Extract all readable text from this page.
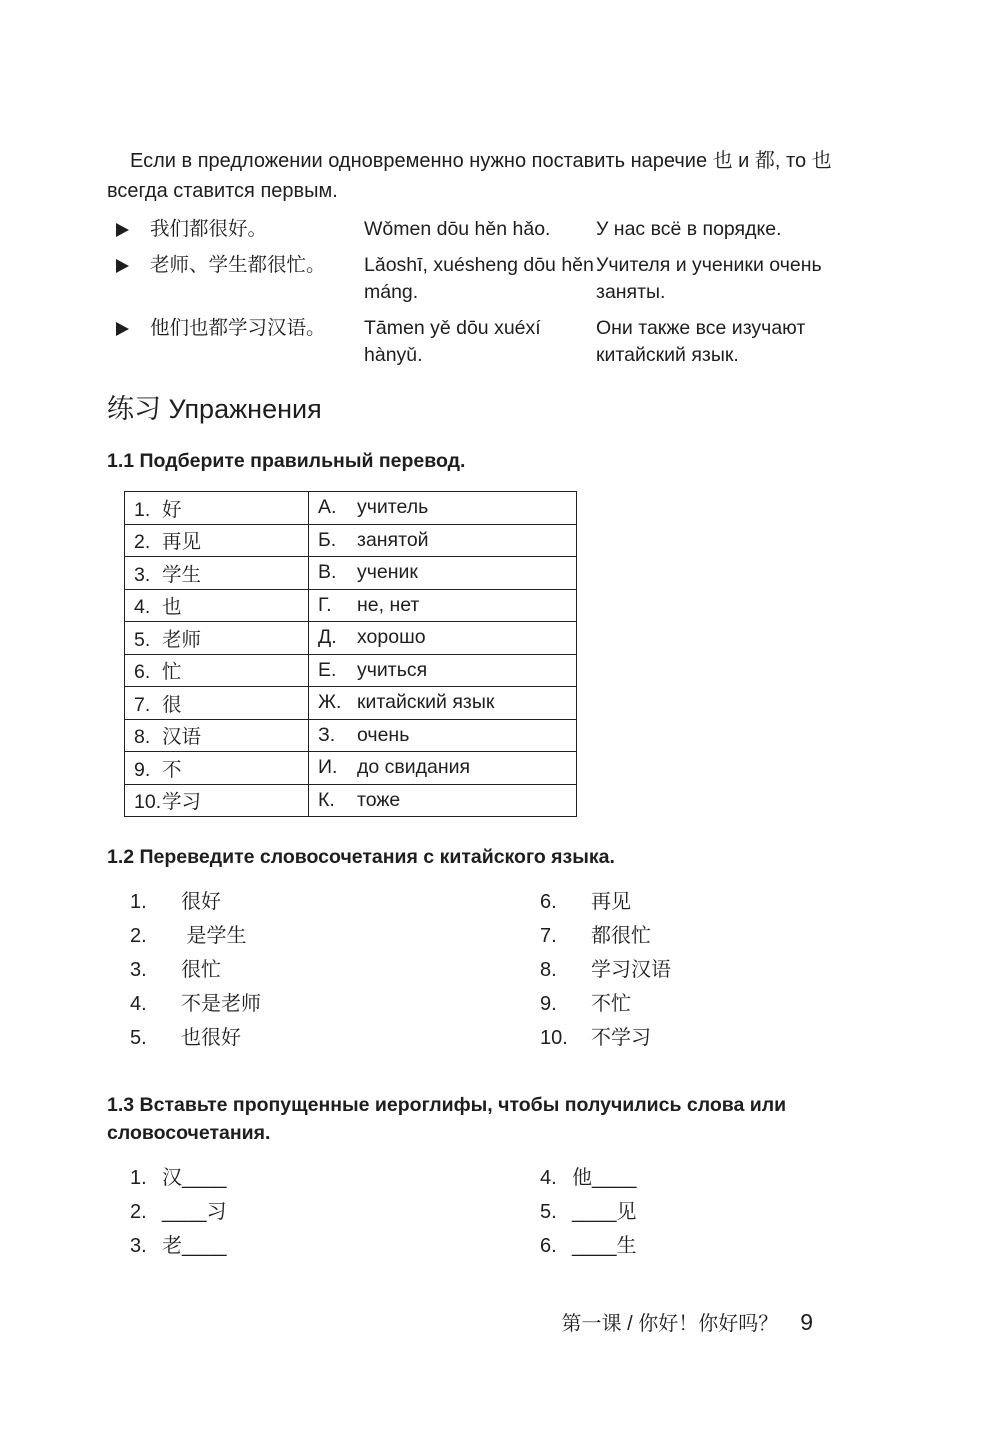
Если в предложении одновременно нужно поставить наречие 也 и 都, то 也 всегда ставится первым.

我们都很好。	Wǒmen dōu hěn hǎo.	У нас всё в порядке.
老师、学生都很忙。	Lǎoshī, xuésheng dōu hěn máng.
Учителя и ученики очень заняты.
他们也都学习汉语。	Tāmen yě dōu xuéxí hànyǔ.
Они также все изучают китайский язык.
练习 Упражнения

1.1 Подберите правильный перевод.

1. 好	А. учитель
2. 再见	Б. занятой
3. 学生	В. ученик
4. 也	Г. не, нет
5. 老师	Д. хорошо
6. 忙	Е. учиться
7. 很	Ж. китайский язык
8. 汉语	З. очень
9. 不	И. до свидания
10.学习	К. тоже

1.2 Переведите словосочетания с китайского языка.

1. 很好
2. 是学生
3. 很忙
4. 不是老师
5. 也很好
6. 再见
7. 都很忙
8. 学习汉语
9. 不忙
10. 不学习

1.3 Вставьте пропущенные иероглифы, чтобы получились слова или словосочетания.

1. 汉____
2. ____习
3. 老____
4. 他____
5. ____见
6. ____生
第一课 / 你好！你好吗？ 9
